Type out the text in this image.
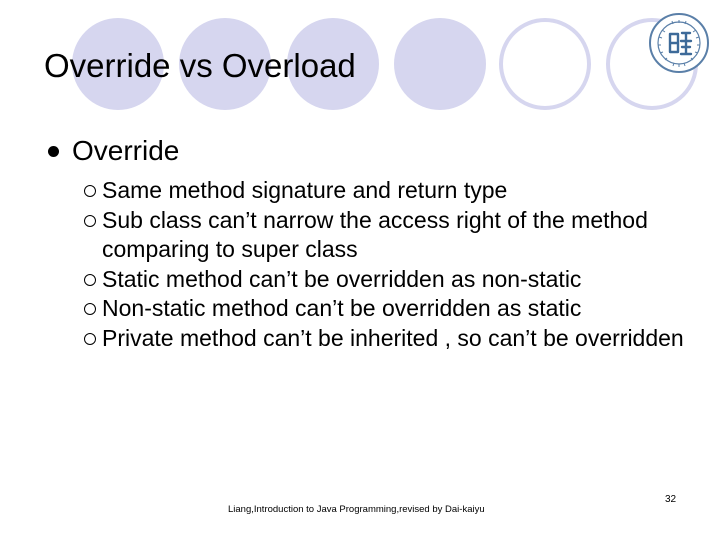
Override vs Overload
Override
Same method signature and return type
Sub class can’t narrow the access right of the method comparing to super class
Static method can’t be overridden as non-static
Non-static method can’t be overridden as static
Private method can’t be inherited , so can’t be overridden
Liang,Introduction to Java Programming,revised by Dai-kaiyu
32
